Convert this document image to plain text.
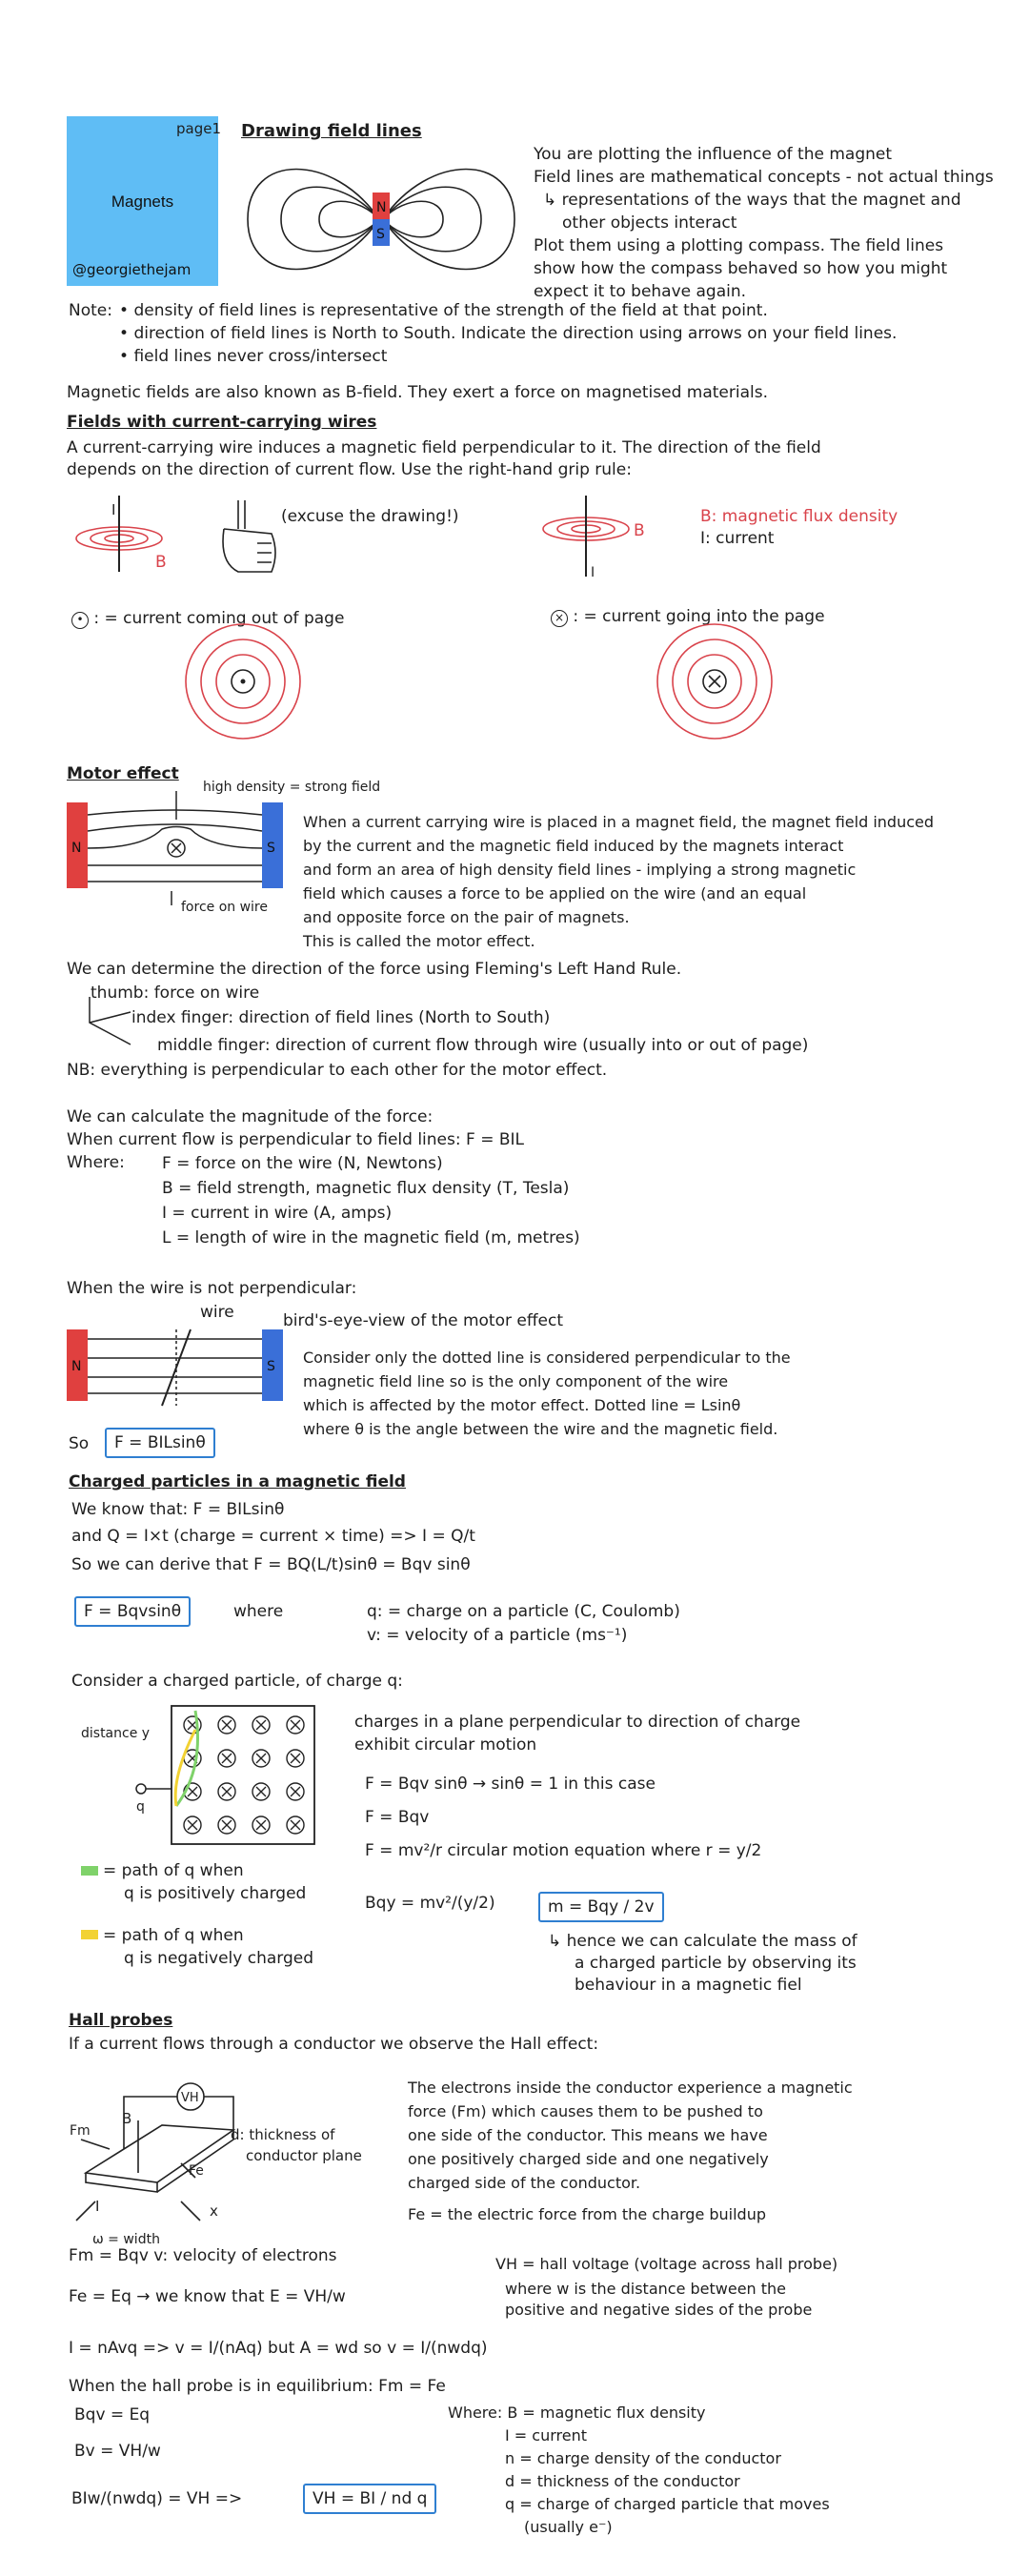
Magnets
@georgiethejam
page1 Drawing field lines
N
S
You are plotting the influence of the magnet
Field lines are mathematical concepts - not actual things
↳ representations of the ways that the magnet and
other objects interact
Plot them using a plotting compass. The field lines
show how the compass behaved so how you might
expect it to behave again.
Note: • density of field lines is representative of the strength of the field at that point.
• direction of field lines is North to South. Indicate the direction using arrows on your field lines.
• field lines never cross/intersect
Magnetic fields are also known as B-field. They exert a force on magnetised materials.
Fields with current-carrying wires
A current-carrying wire induces a magnetic field perpendicular to it. The direction of the field
depends on the direction of current flow. Use the right-hand grip rule:
I
B
(excuse the drawing!)
B
I
B: magnetic flux density
I: current
• : = current coming out of page	× : = current going into the page
Motor effect
high density = strong field
N	S
force on wire
When a current carrying wire is placed in a magnet field, the magnet field induced
by the current and the magnetic field induced by the magnets interact
and form an area of high density field lines - implying a strong magnetic
field which causes a force to be applied on the wire (and an equal
and opposite force on the pair of magnets.
This is called the motor effect.
We can determine the direction of the force using Fleming's Left Hand Rule.
thumb: force on wire
index finger: direction of field lines (North to South)
middle finger: direction of current flow through wire (usually into or out of page)
NB: everything is perpendicular to each other for the motor effect.
We can calculate the magnitude of the force:
When current flow is perpendicular to field lines: F = BIL
Where: F = force on the wire (N, Newtons)
B = field strength, magnetic flux density (T, Tesla)
I = current in wire (A, amps)
L = length of wire in the magnetic field (m, metres)
When the wire is not perpendicular:
wire	bird's-eye-view of the motor effect
N	S Consider only the dotted line is considered perpendicular to the
magnetic field line so is the only component of the wire
which is affected by the motor effect. Dotted line = Lsinθ
where θ is the angle between the wire and the magnetic field.
So	F = BILsinθ
Charged particles in a magnetic field
We know that: F = BILsinθ
and Q = I×t (charge = current × time) => I = Q/t
So we can derive that F = BQ(L/t)sinθ = Bqv sinθ
F = Bqvsinθ	where	q: = charge on a particle (C, Coulomb)
v: = velocity of a particle (ms⁻¹)
Consider a charged particle, of charge q:
distance y
q
charges in a plane perpendicular to direction of charge
exhibit circular motion
F = Bqv sinθ → sinθ = 1 in this case
F = Bqv
F = mv²/r circular motion equation where r = y/2
Bqy = mv²/(y/2)	m = Bqy / 2v
↳ hence we can calculate the mass of
a charged particle by observing its
behaviour in a magnetic fiel
= path of q when
q is positively charged
= path of q when
q is negatively charged
Hall probes
If a current flows through a conductor we observe the Hall effect:
VH
B
Fm
Fe
I	x
d: thickness of
conductor plane
ω = width
The electrons inside the conductor experience a magnetic
force (Fm) which causes them to be pushed to
one side of the conductor. This means we have
one positively charged side and one negatively
charged side of the conductor.
Fe = the electric force from the charge buildup
Fm = Bqv v: velocity of electrons	VH = hall voltage (voltage across hall probe)
Fe = Eq → we know that E = VH/w	where w is the distance between the
positive and negative sides of the probe
I = nAvq => v = I/(nAq) but A = wd so v = I/(nwdq)
When the hall probe is in equilibrium: Fm = Fe
Bqv = Eq
Bv = VH/w
BIw/(nwdq) = VH =>	VH = BI / nd q
Where: B = magnetic flux density
I = current
n = charge density of the conductor
d = thickness of the conductor
q = charge of charged particle that moves
(usually e⁻)
